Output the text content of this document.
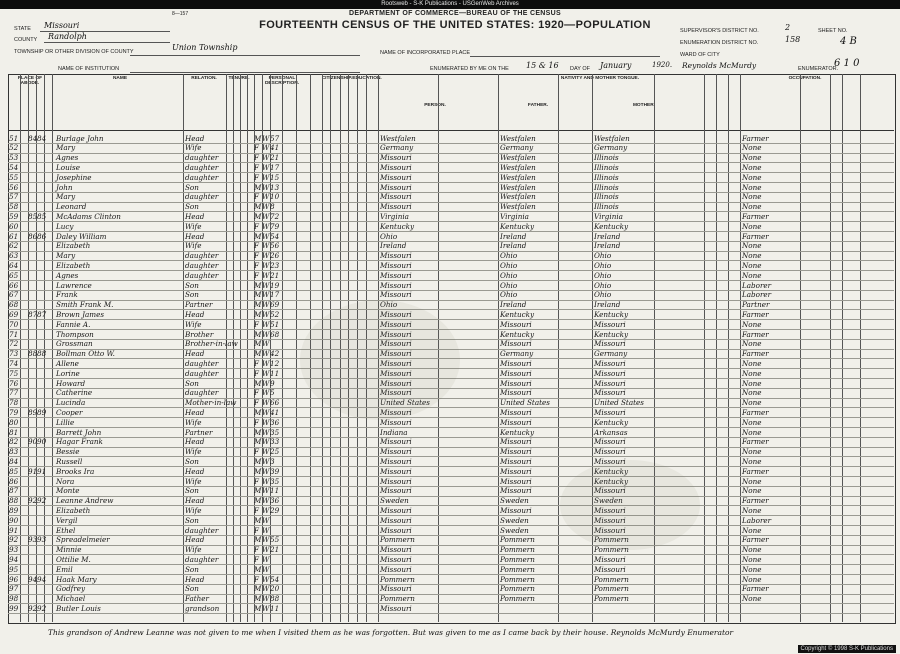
Rootsweb - S-K Publications - USGenWeb Archives
8—157	DEPARTMENT OF COMMERCE—BUREAU OF THE CENSUS
FOURTEENTH CENSUS OF THE UNITED STATES: 1920—POPULATION
STATE Missouri
COUNTY Randolph
TOWNSHIP OR OTHER DIVISION OF COUNTY	Union Township
NAME OF INSTITUTION
NAME OF INCORPORATED PLACE
ENUMERATED BY ME ON THE 15 & 16 DAY OF January	1920. Reynolds McMurdy	ENUMERATOR.
6 1 0
SUPERVISOR'S DISTRICT NO.	2
ENUMERATION DISTRICT NO.	158
SHEET NO.
4 B
WARD OF CITY
PLACE OF ABODE.
NAME	RELATION.	TENURE.	PERSONAL DESCRIPTION.
CITIZENSHIP. EDUCATION.	NATIVITY AND MOTHER TONGUE.
PERSON.	FATHER.	MOTHER.
OCCUPATION.
51 84 84 Burlage John	Head	M W 57	Westfalen	Westfalen	Westfalen	Farmer
52	Mary	Wife	F W 41	Germany	Germany	Germany	None
53	Agnes	daughter	F W 21	Missouri	Westfalen	Illinois	None
54	Louise	daughter	F W 17	Missouri	Westfalen	Illinois	None
55	Josephine	daughter	F W 15	Missouri	Westfalen	Illinois	None
56	John	Son	M W 13	Missouri	Westfalen	Illinois	None
57	Mary	daughter	F W 10	Missouri	Westfalen	Illinois	None
58	Leonard	Son	M W 8	Missouri	Westfalen	Illinois	None
59 85 85 McAdams Clinton	Head	M W 72	Virginia	Virginia	Virginia	Farmer
60	Lucy	Wife	F W 79	Kentucky	Kentucky	Kentucky	None
61 86 86 Daley William	Head	M W 54	Ohio	Ireland	Ireland	Farmer
62	Elizabeth	Wife	F W 56	Ireland	Ireland	Ireland	None
63	Mary	daughter	F W 26	Missouri	Ohio	Ohio	None
64	Elizabeth	daughter	F W 23	Missouri	Ohio	Ohio	None
65	Agnes	daughter	F W 21	Missouri	Ohio	Ohio	None
66	Lawrence	Son	M W 19	Missouri	Ohio	Ohio	Laborer
67	Frank	Son	M W 17	Missouri	Ohio	Ohio	Laborer
68	Smith Frank M.	Partner	M W 69	Ohio	Ireland	Ireland	Partner
69 87 87 Brown James	Head	M W 52	Missouri	Kentucky	Kentucky	Farmer
70	Fannie A.	Wife	F W 51	Missouri	Missouri	Missouri	None
71	Thompson	Brother	M W 68	Missouri	Kentucky	Kentucky	Farmer
72	Grossman	Brother-in-law M W	Missouri	Missouri	Missouri	None
73 88 88 Bollman Otto W.	Head	M W 42	Missouri	Germany	Germany	Farmer
74	Allene	daughter	F W 12	Missouri	Missouri	Missouri	None
75	Lorine	daughter	F W 11	Missouri	Missouri	Missouri	None
76	Howard	Son	M W 9	Missouri	Missouri	Missouri	None
77	Catherine	daughter	F W 5	Missouri	Missouri	Missouri	None
78	Lucinda	Mother-in-law F W 66	United States	United States	United States	None
79 89 89 Cooper	Head	M W 41	Missouri	Missouri	Missouri	Farmer
80	Lillie	Wife	F W 36	Missouri	Missouri	Kentucky	None
81	Barrett John	Partner	M W 35	Indiana	Kentucky	Arkansas	None
82 90 90 Hagar Frank	Head	M W 33	Missouri	Missouri	Missouri	Farmer
83	Bessie	Wife	F W 25	Missouri	Missouri	Missouri	None
84	Russell	Son	M W 3	Missouri	Missouri	Missouri	None
85 91 91 Brooks Ira	Head	M W 39	Missouri	Missouri	Kentucky	Farmer
86	Nora	Wife	F W 35	Missouri	Missouri	Kentucky	None
87	Monte	Son	M W 11	Missouri	Missouri	Missouri	None
88 92 92 Leanne Andrew	Head	M W 36	Sweden	Sweden	Sweden	Farmer
89	Elizabeth	Wife	F W 29	Missouri	Missouri	Missouri	None
90	Vergil	Son	M W	Missouri	Sweden	Missouri	Laborer
91	Ethel	daughter	F W	Missouri	Sweden	Missouri	None
92 93 93 Spreadelmeier	Head	M W 55	Pommern	Pommern	Pommern	Farmer
93	Minnie	Wife	F W 21	Missouri	Pommern	Pommern	None
94	Ottilie M.	daughter	F W	Missouri	Pommern	Missouri	None
95	Emil	Son	M W	Missouri	Pommern	Missouri	None
96 94 94 Haak Mary	Head	F W 54	Pommern	Pommern	Pommern	None
97	Godfrey	Son	M W 20	Missouri	Pommern	Pommern	Farmer
98	Michael	Father	M W 88	Pommern	Pommern	Pommern	None
99 92 92 Butler Louis	grandson	M W 11	Missouri
This grandson of Andrew Leanne was not given to me when I visited them as he was forgotten. But was given to me as I came back by their house. Reynolds McMurdy Enumerator
Copyright © 1998 S-K Publications
